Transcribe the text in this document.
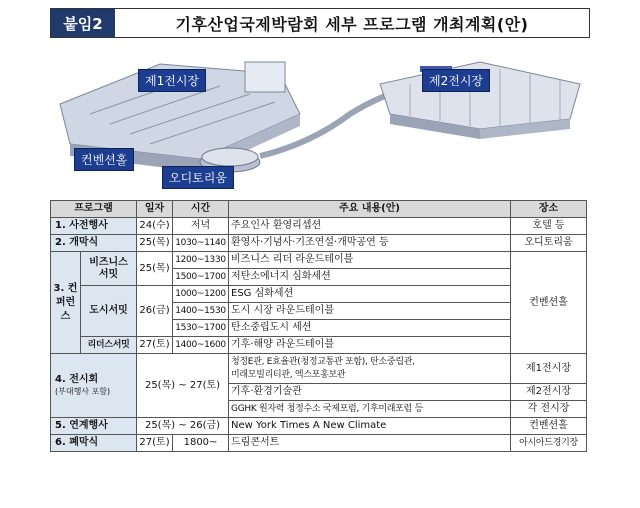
붙임2	기후산업국제박람회 세부 프로그램 개최계획(안)
제1전시장	제2전시장
컨벤션홀
오디토리움
프로그램		일자	시간	주요 내용(안)	장소
1. 사전행사		24(수)	저녁	주요인사 환영리셉션	호텔 등
2. 개막식		25(목)	1030~1140	환영사·기념사·기조연설·개막공연 등	오디토리움
3. 컨퍼런스	비즈니스 서밋	25(목)	1200~1330	비즈니스 리더 라운드테이블	컨벤션홀
			1500~1700	저탄소에너지 심화세션	
	도시서밋	26(금)	1000~1200	ESG 심화세션	
			1400~1530	도시 시장 라운드테이블	
			1530~1700	탄소중립도시 세션	
	리더스서밋	27(토)	1400~1600	기후·해양 라운드테이블	
4. 전시회
(부대행사 포함)		25(목) ~ 27(토)		청정E관, E효율관(청정교통관 포함), 탄소중립관,
미래모빌리티관, 엑스포홍보관	제1전시장
				기후·환경기술관	제2전시장
				GGHK 원자력 청정수소 국제포럼, 기후미래포럼 등	각 전시장
5. 연계행사		25(목) ~ 26(금)		New York Times A New Climate	컨벤션홀
6. 폐막식		27(토)	1800~	드림콘서트	아시아드경기장
